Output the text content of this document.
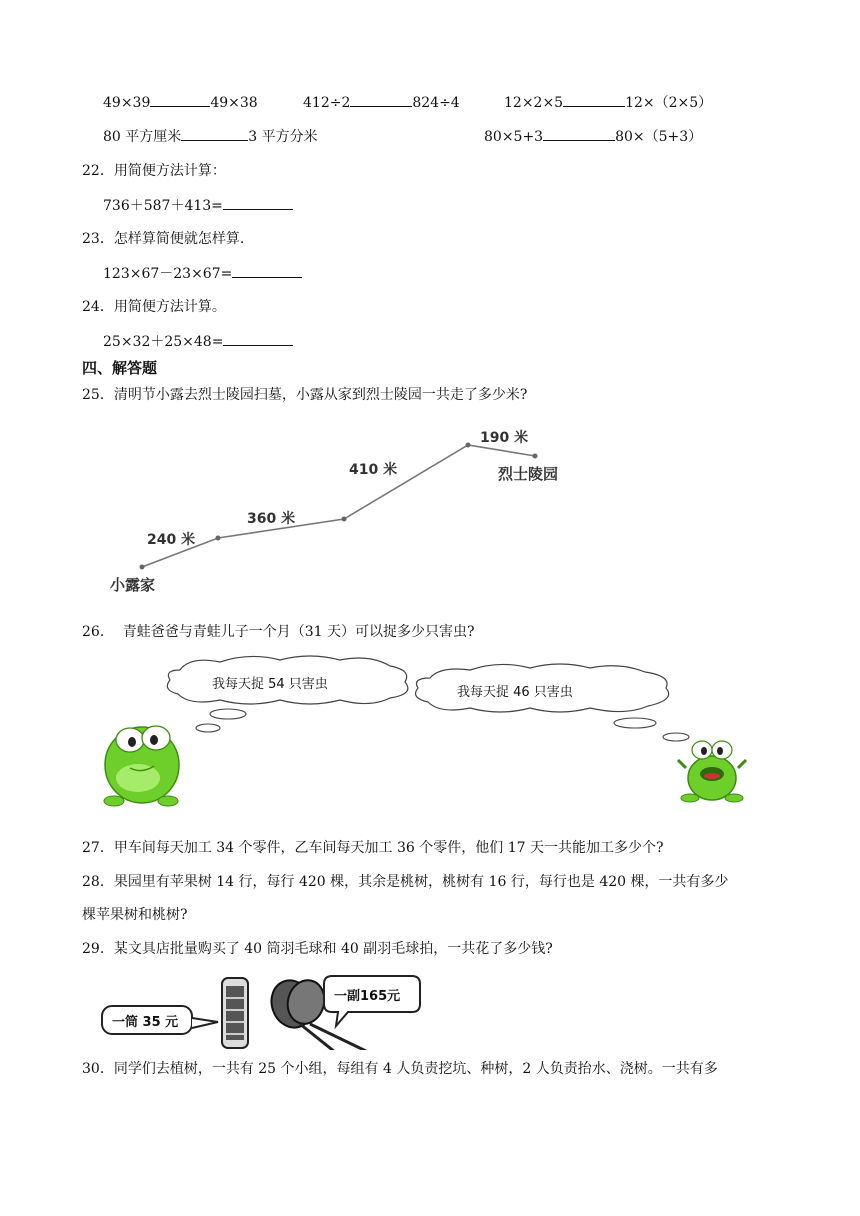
49×39	49×38	412÷2	824÷4	12×2×5	12×（2×5）
80 平方厘米	3 平方分米	80×5+3	80×（5+3）
22．用简便方法计算：
736＋587＋413=
23．怎样算简便就怎样算.
123×67－23×67=
24．用简便方法计算。
25×32＋25×48=
四、解答题
25．清明节小露去烈士陵园扫墓，小露从家到烈士陵园一共走了多少米?
240 米
360 米
410 米
190 米
小露家
烈士陵园
26． 青蛙爸爸与青蛙儿子一个月（31 天）可以捉多少只害虫?
我每天捉 54 只害虫
我每天捉 46 只害虫
27．甲车间每天加工 34 个零件，乙车间每天加工 36 个零件，他们 17 天一共能加工多少个?
28．果园里有苹果树 14 行，每行 420 棵，其余是桃树，桃树有 16 行，每行也是 420 棵，一共有多少
棵苹果树和桃树?
29．某文具店批量购买了 40 筒羽毛球和 40 副羽毛球拍，一共花了多少钱?
一筒 35 元
一副165元
30．同学们去植树，一共有 25 个小组，每组有 4 人负责挖坑、种树，2 人负责抬水、浇树。一共有多
